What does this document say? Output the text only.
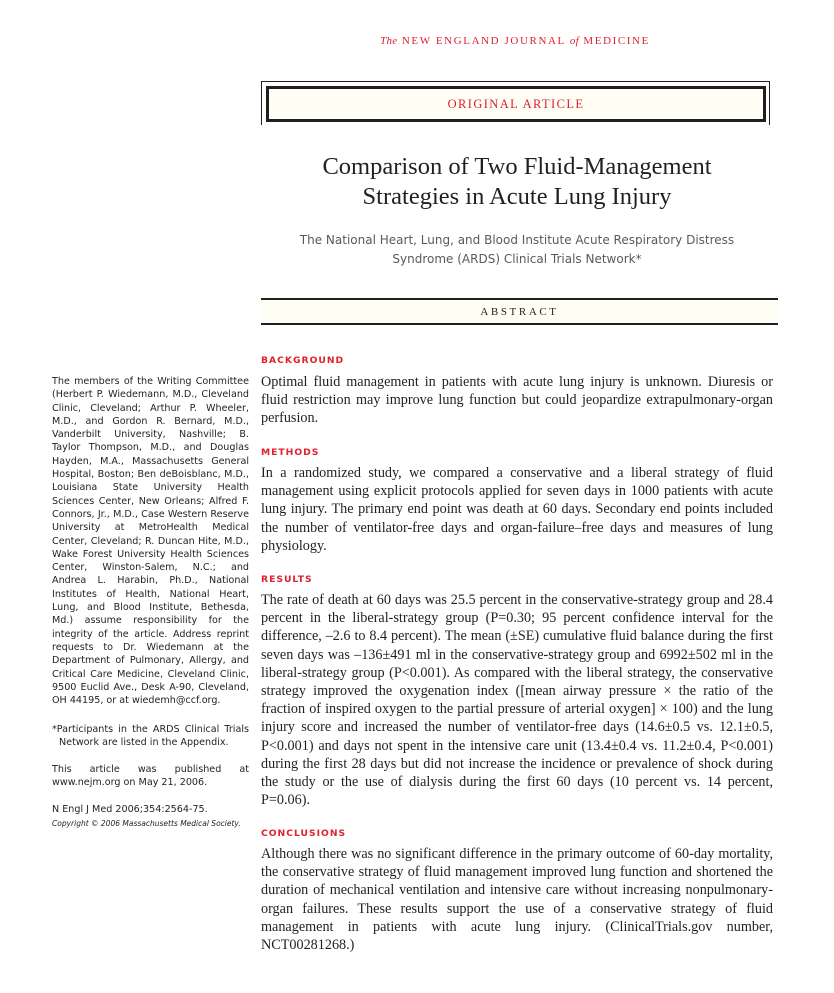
The NEW ENGLAND JOURNAL of MEDICINE
ORIGINAL ARTICLE
Comparison of Two Fluid-Management
Strategies in Acute Lung Injury
The National Heart, Lung, and Blood Institute Acute Respiratory Distress
Syndrome (ARDS) Clinical Trials Network*
ABSTRACT
BACKGROUND
Optimal fluid management in patients with acute lung injury is unknown. Diuresis or fluid restriction may improve lung function but could jeopardize extrapulmonary-organ perfusion.
METHODS
In a randomized study, we compared a conservative and a liberal strategy of fluid management using explicit protocols applied for seven days in 1000 patients with acute lung injury. The primary end point was death at 60 days. Secondary end points included the number of ventilator-free days and organ-failure–free days and measures of lung physiology.
RESULTS
The rate of death at 60 days was 25.5 percent in the conservative-strategy group and 28.4 percent in the liberal-strategy group (P=0.30; 95 percent confidence interval for the difference, –2.6 to 8.4 percent). The mean (±SE) cumulative fluid balance during the first seven days was –136±491 ml in the conservative-strategy group and 6992±502 ml in the liberal-strategy group (P<0.001). As compared with the liberal strategy, the conservative strategy improved the oxygenation index ([mean airway pressure × the ratio of the fraction of inspired oxygen to the partial pressure of arterial oxygen] × 100) and the lung injury score and increased the number of ventilator-free days (14.6±0.5 vs. 12.1±0.5, P<0.001) and days not spent in the intensive care unit (13.4±0.4 vs. 11.2±0.4, P<0.001) during the first 28 days but did not increase the incidence or prevalence of shock during the study or the use of dialysis during the first 60 days (10 percent vs. 14 percent, P=0.06).
CONCLUSIONS
Although there was no significant difference in the primary outcome of 60-day mortality, the conservative strategy of fluid management improved lung function and shortened the duration of mechanical ventilation and intensive care without increasing nonpulmonary-organ failures. These results support the use of a conservative strategy of fluid management in patients with acute lung injury. (ClinicalTrials.gov number, NCT00281268.)
The members of the Writing Committee (Herbert P. Wiedemann, M.D., Cleveland Clinic, Cleveland; Arthur P. Wheeler, M.D., and Gordon R. Bernard, M.D., Vanderbilt University, Nashville; B. Taylor Thompson, M.D., and Douglas Hayden, M.A., Massachusetts General Hospital, Boston; Ben deBoisblanc, M.D., Louisiana State University Health Sciences Center, New Orleans; Alfred F. Connors, Jr., M.D., Case Western Reserve University at MetroHealth Medical Center, Cleveland; R. Duncan Hite, M.D., Wake Forest University Health Sciences Center, Winston-Salem, N.C.; and Andrea L. Harabin, Ph.D., National Institutes of Health, National Heart, Lung, and Blood Institute, Bethesda, Md.) assume responsibility for the integrity of the article. Address reprint requests to Dr. Wiedemann at the Department of Pulmonary, Allergy, and Critical Care Medicine, Cleveland Clinic, 9500 Euclid Ave., Desk A-90, Cleveland, OH 44195, or at wiedemh@ccf.org.
*Participants in the ARDS Clinical Trials Network are listed in the Appendix.
This article was published at www.nejm.org on May 21, 2006.
N Engl J Med 2006;354:2564-75.
Copyright © 2006 Massachusetts Medical Society.
